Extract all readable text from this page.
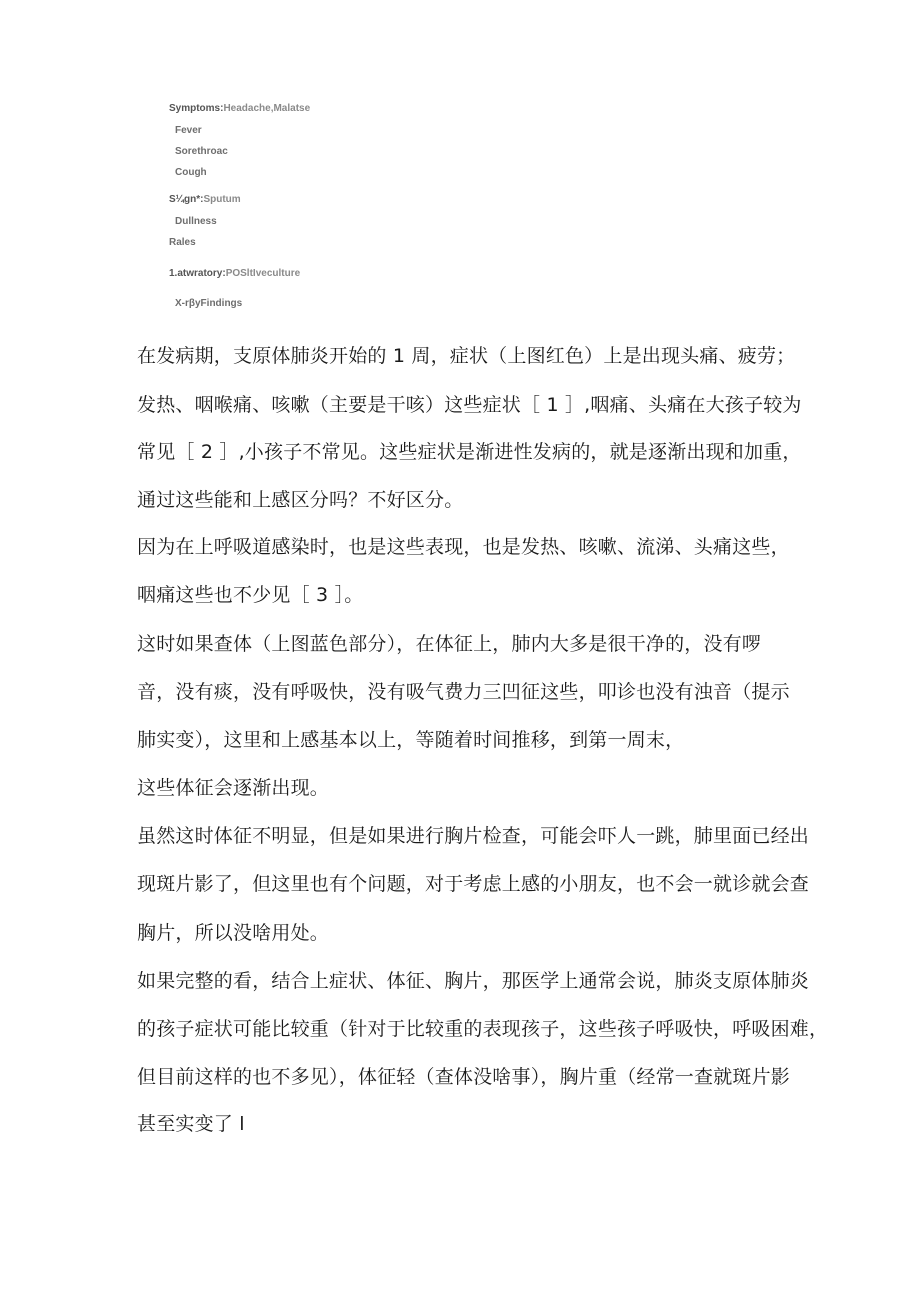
Symptoms:Headache,Malatse
Fever
Sorethroac
Cough
S¼gn*:Sputum
Dullness
Rales
1.atwratory:POSltIveculture
X-rβyFindings
在发病期，支原体肺炎开始的 1 周，症状（上图红色）上是出现头痛、疲劳；
发热、咽喉痛、咳嗽（主要是干咳）这些症状［ 1 ］,咽痛、头痛在大孩子较为
常见［ 2 ］,小孩子不常见。这些症状是渐进性发病的，就是逐渐出现和加重，
通过这些能和上感区分吗？不好区分。
因为在上呼吸道感染时，也是这些表现，也是发热、咳嗽、流涕、头痛这些，
咽痛这些也不少见［ 3 ］。
这时如果查体（上图蓝色部分），在体征上，肺内大多是很干净的，没有啰
音，没有痰，没有呼吸快，没有吸气费力三凹征这些，叩诊也没有浊音（提示
肺实变），这里和上感基本以上，等随着时间推移，到第一周末，
这些体征会逐渐出现。
虽然这时体征不明显，但是如果进行胸片检查，可能会吓人一跳，肺里面已经出
现斑片影了，但这里也有个问题，对于考虑上感的小朋友，也不会一就诊就会查
胸片，所以没啥用处。
如果完整的看，结合上症状、体征、胸片，那医学上通常会说，肺炎支原体肺炎
的孩子症状可能比较重（针对于比较重的表现孩子，这些孩子呼吸快，呼吸困难，
但目前这样的也不多见），体征轻（查体没啥事），胸片重（经常一查就斑片影
甚至实变了 l
